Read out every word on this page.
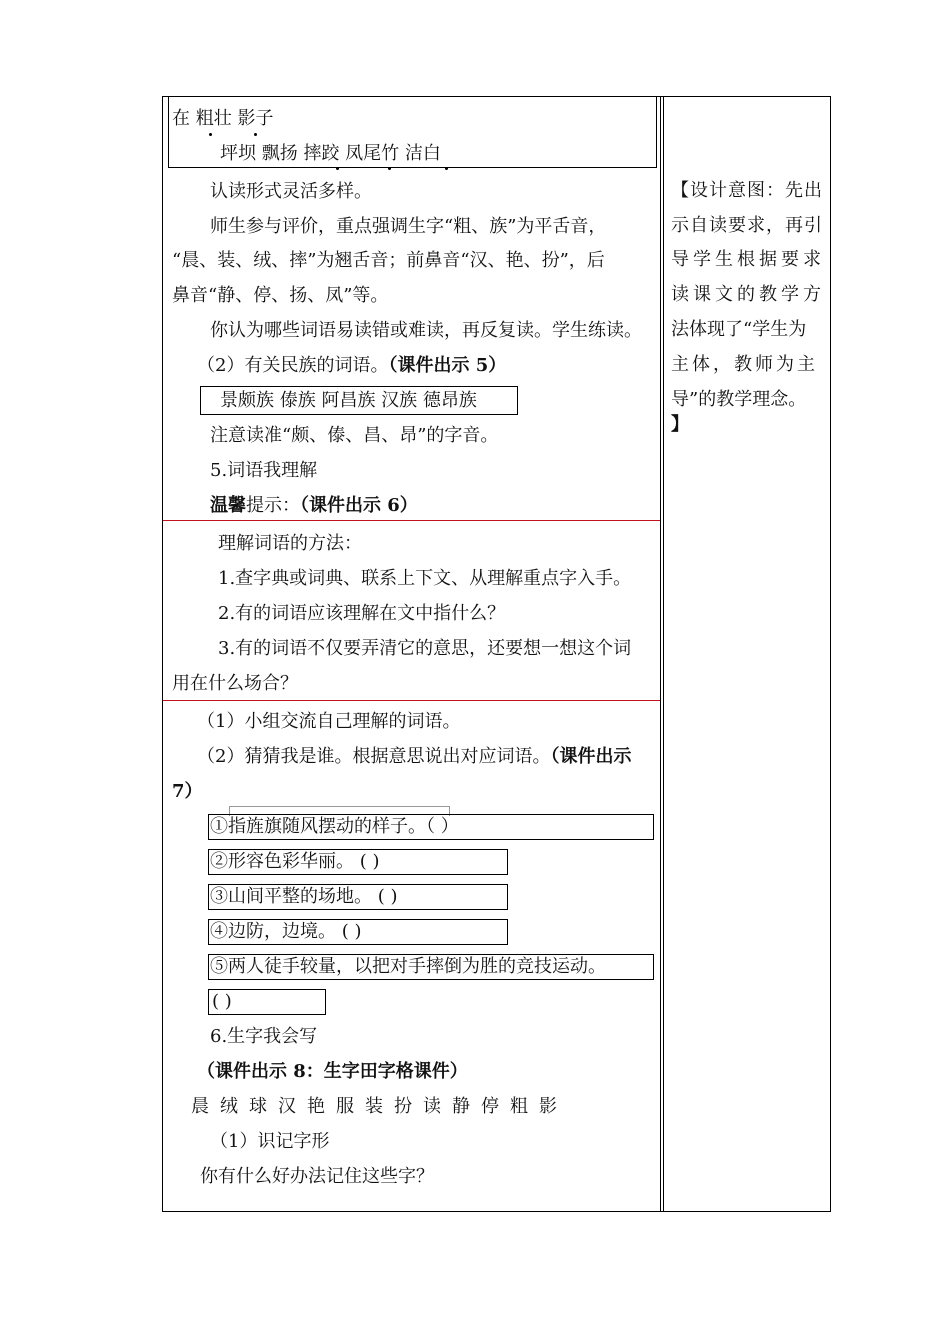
在 粗壮 影子
坪坝 飘扬 摔跤 凤尾竹 洁白
认读形式灵活多样。
师生参与评价，重点强调生字“粗、族”为平舌音，
“晨、装、绒、摔”为翘舌音；前鼻音“汉、艳、扮”，后
鼻音“静、停、扬、凤”等。
你认为哪些词语易读错或难读，再反复读。学生练读。
（2）有关民族的词语。（课件出示 5）
景颇族 傣族 阿昌族 汉族 德昂族
注意读准“颇、傣、昌、昂”的字音。
5.词语我理解
温馨提示：（课件出示 6）
理解词语的方法：
1.查字典或词典、联系上下文、从理解重点字入手。
2.有的词语应该理解在文中指什么？
3.有的词语不仅要弄清它的意思，还要想一想这个词
用在什么场合？
（1）小组交流自己理解的词语。
（2）猜猜我是谁。根据意思说出对应词语。（课件出示
7）
①指旌旗随风摆动的样子。（ ）
②形容色彩华丽。 ( )
③山间平整的场地。 ( )
④边防，边境。 ( )
⑤两人徒手较量，以把对手摔倒为胜的竞技运动。
( )
6.生字我会写
（课件出示 8：生字田字格课件）
晨绒球汉艳服装扮读静停粗影
（1）识记字形
你有什么好办法记住这些字？
【设计意图：先出
示自读要求，再引
导学生根据要求
读课文的教学方
法体现了“学生为
主体，教师为主
导”的教学理念。
】
